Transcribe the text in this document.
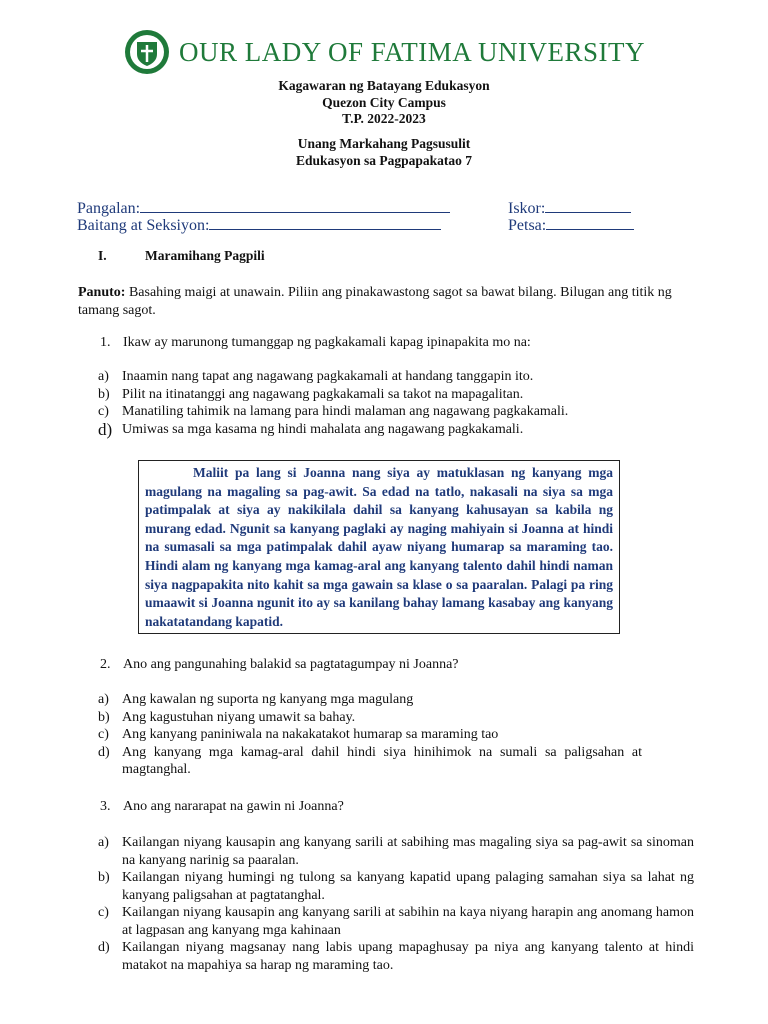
OUR LADY OF FATIMA UNIVERSITY
Kagawaran ng Batayang Edukasyon
Quezon City Campus
T.P. 2022-2023
Unang Markahang Pagsusulit
Edukasyon sa Pagpapakatao 7
Pangalan:
Baitang at Seksiyon:
Iskor:
Petsa:
I.	Maramihang Pagpili
Panuto: Basahing maigi at unawain. Piliin ang pinakawastong sagot sa bawat bilang. Bilugan ang titik ng tamang sagot.
1. Ikaw ay marunong tumanggap ng pagkakamali kapag ipinapakita mo na:
a) Inaamin nang tapat ang nagawang pagkakamali at handang tanggapin ito.
b) Pilit na itinatanggi ang nagawang pagkakamali sa takot na mapagalitan.
c) Manatiling tahimik na lamang para hindi malaman ang nagawang pagkakamali.
d) Umiwas sa mga kasama ng hindi mahalata ang nagawang pagkakamali.
Maliit pa lang si Joanna nang siya ay matuklasan ng kanyang mga magulang na magaling sa pag-awit. Sa edad na tatlo, nakasali na siya sa mga patimpalak at siya ay nakikilala dahil sa kanyang kahusayan sa kabila ng murang edad. Ngunit sa kanyang paglaki ay naging mahiyain si Joanna at hindi na sumasali sa mga patimpalak dahil ayaw niyang humarap sa maraming tao. Hindi alam ng kanyang mga kamag-aral ang kanyang talento dahil hindi naman siya nagpapakita nito kahit sa mga gawain sa klase o sa paaralan. Palagi pa ring umaawit si Joanna ngunit ito ay sa kanilang bahay lamang kasabay ang kanyang nakatatandang kapatid.
2. Ano ang pangunahing balakid sa pagtatagumpay ni Joanna?
a) Ang kawalan ng suporta ng kanyang mga magulang
b) Ang kagustuhan niyang umawit sa bahay.
c) Ang kanyang paniniwala na nakakatakot humarap sa maraming tao
d) Ang kanyang mga kamag-aral dahil hindi siya hinihimok na sumali sa paligsahan at magtanghal.
3. Ano ang nararapat na gawin ni Joanna?
a) Kailangan niyang kausapin ang kanyang sarili at sabihing mas magaling siya sa pag-awit sa sinoman na kanyang narinig sa paaralan.
b) Kailangan niyang humingi ng tulong sa kanyang kapatid upang palaging samahan siya sa lahat ng kanyang paligsahan at pagtatanghal.
c) Kailangan niyang kausapin ang kanyang sarili at sabihin na kaya niyang harapin ang anomang hamon at lagpasan ang kanyang mga kahinaan
d) Kailangan niyang magsanay nang labis upang mapaghusay pa niya ang kanyang talento at hindi matakot na mapahiya sa harap ng maraming tao.
